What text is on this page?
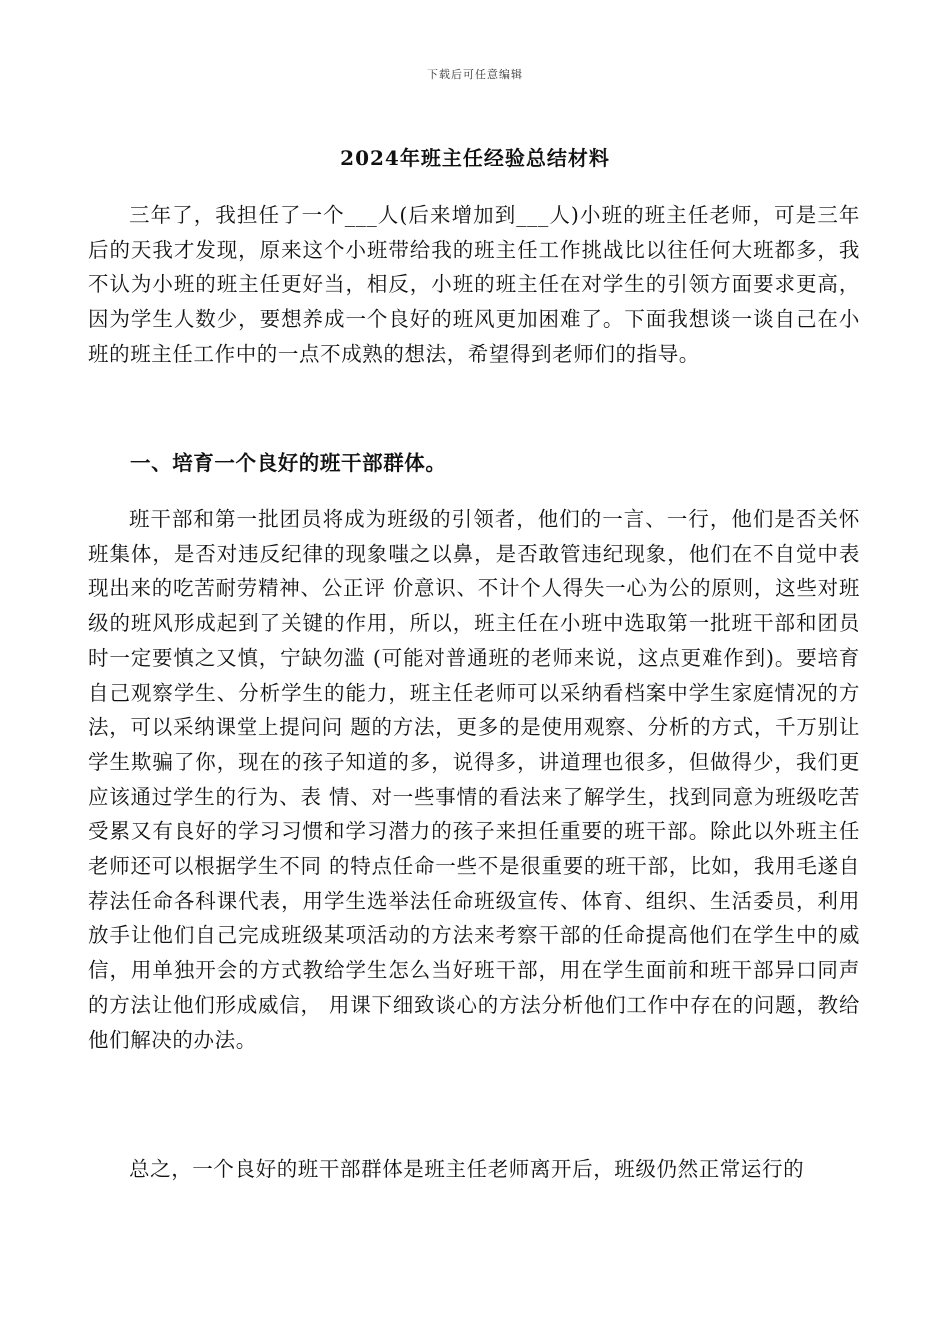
下载后可任意编辑
2024年班主任经验总结材料

三年了，我担任了一个___人(后来增加到___人)小班的班主任老师，可是三年后的天我才发现，原来这个小班带给我的班主任工作挑战比以往任何大班都多，我 不认为小班的班主任更好当，相反，小班的班主任在对学生的引领方面要求更高，因为学生人数少，要想养成一个良好的班风更加困难了。下面我想谈一谈自己在小 班的班主任工作中的一点不成熟的想法，希望得到老师们的指导。

一、培育一个良好的班干部群体。

班干部和第一批团员将成为班级的引领者，他们的一言、一行，他们是否关怀班集体，是否对违反纪律的现象嗤之以鼻，是否敢管违纪现象，他们在不自觉中表现出来的吃苦耐劳精神、公正评 价意识、不计个人得失一心为公的原则，这些对班级的班风形成起到了关键的作用，所以，班主任在小班中选取第一批班干部和团员时一定要慎之又慎，宁缺勿滥 (可能对普通班的老师来说，这点更难作到)。要培育自己观察学生、分析学生的能力，班主任老师可以采纳看档案中学生家庭情况的方法，可以采纳课堂上提问问 题的方法，更多的是使用观察、分析的方式，千万别让学生欺骗了你，现在的孩子知道的多，说得多，讲道理也很多，但做得少，我们更应该通过学生的行为、表 情、对一些事情的看法来了解学生，找到同意为班级吃苦受累又有良好的学习习惯和学习潜力的孩子来担任重要的班干部。除此以外班主任老师还可以根据学生不同 的特点任命一些不是很重要的班干部，比如，我用毛遂自荐法任命各科课代表，用学生选举法任命班级宣传、体育、组织、生活委员，利用放手让他们自己完成班级某项活动的方法来考察干部的任命提高他们在学生中的威信，用单独开会的方式教给学生怎么当好班干部，用在学生面前和班干部异口同声的方法让他们形成威信， 用课下细致谈心的方法分析他们工作中存在的问题，教给他们解决的办法。

总之，一个良好的班干部群体是班主任老师离开后，班级仍然正常运行的
